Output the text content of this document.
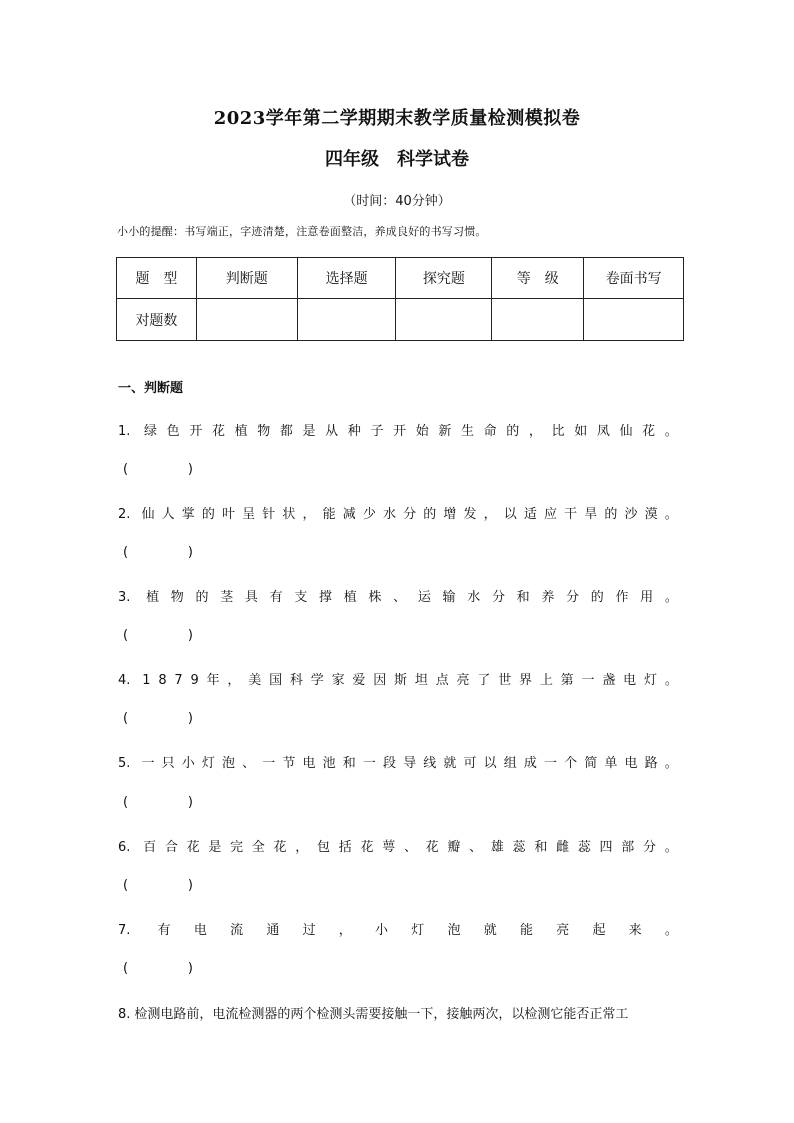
2023学年第二学期期末教学质量检测模拟卷
四年级　科学试卷
（时间：40分钟）
小小的提醒：书写端正，字迹清楚，注意卷面整洁，养成良好的书写习惯。
题　型	判断题	选择题	探究题	等　级	卷面书写
对题数					
一、判断题
1. 绿 色 开 花 植 物 都 是 从 种 子 开 始 新 生 命 的 ， 比 如 凤 仙 花 。
(	)
2. 仙 人 掌 的 叶 呈 针 状 ， 能 减 少 水 分 的 增 发 ， 以 适 应 干 旱 的 沙 漠 。
(	)
3. 植 物 的 茎 具 有 支 撑 植 株 、 运 输 水 分 和 养 分 的 作 用 。
(	)
4. 1 8 7 9 年 ， 美 国 科 学 家 爱 因 斯 坦 点 亮 了 世 界 上 第 一 盏 电 灯 。
(	)
5. 一 只 小 灯 泡 、 一 节 电 池 和 一 段 导 线 就 可 以 组 成 一 个 简 单 电 路 。
(	)
6. 百 合 花 是 完 全 花 ， 包 括 花 萼 、 花 瓣 、 雄 蕊 和 雌 蕊 四 部 分 。
(	)
7. 有 电 流 通 过 ， 小 灯 泡 就 能 亮 起 来 。
(	)
8. 检测电路前，电流检测器的两个检测头需要接触一下，接触两次，以检测它能否正常工
